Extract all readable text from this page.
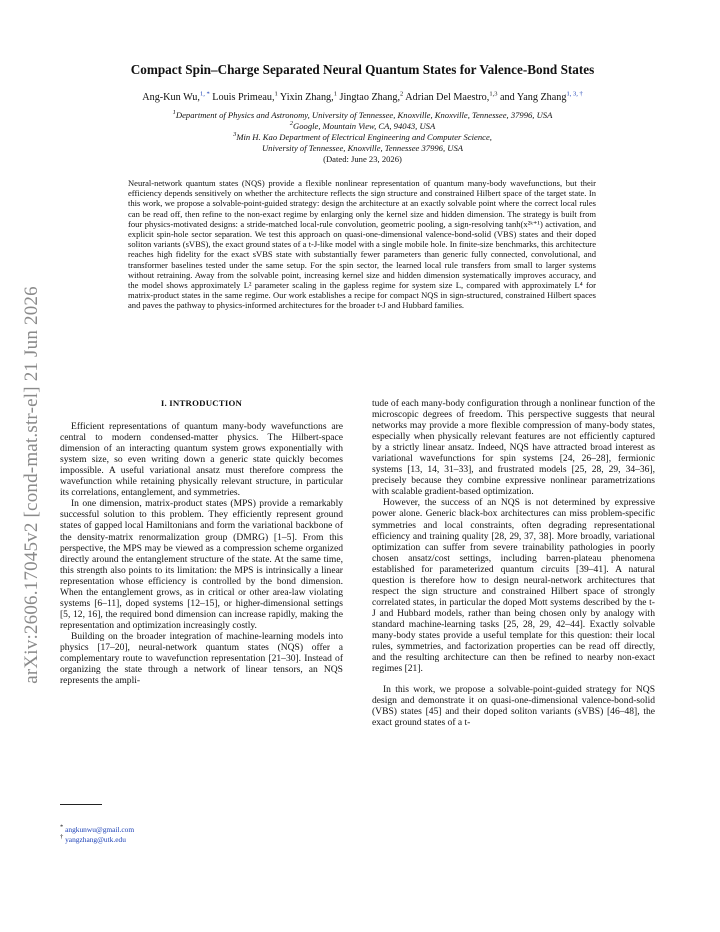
arXiv:2606.17045v2 [cond-mat.str-el] 21 Jun 2026
Compact Spin–Charge Separated Neural Quantum States for Valence-Bond States
Ang-Kun Wu,$^{1, *}$ Louis Primeau,$^1$ Yixin Zhang,$^1$ Jingtao Zhang,$^2$ Adrian Del Maestro,$^{1,3}$ and Yang Zhang$^{1, 3, \dagger}$
$^1$Department of Physics and Astronomy, University of Tennessee, Knoxville, Knoxville, Tennessee, 37996, USA
$^2$Google, Mountain View, CA, 94043, USA
$^3$Min H. Kao Department of Electrical Engineering and Computer Science,
University of Tennessee, Knoxville, Tennessee 37996, USA
(Dated: June 23, 2026)
Neural-network quantum states (NQS) provide a flexible nonlinear representation of quantum many-body wavefunctions, but their efficiency depends sensitively on whether the architecture reflects the sign structure and constrained Hilbert space of the target state. In this work, we propose a solvable-point-guided strategy: design the architecture at an exactly solvable point where the correct local rules can be read off, then refine to the non-exact regime by enlarging only the kernel size and hidden dimension. The strategy is built from four physics-motivated designs: a stride-matched local-rule convolution, geometric pooling, a sign-resolving tanh(x²ᵏ⁺¹) activation, and explicit spin-hole sector separation. We test this approach on quasi-one-dimensional valence-bond-solid (VBS) states and their doped soliton variants (sVBS), the exact ground states of a t-J-like model with a single mobile hole. In finite-size benchmarks, this architecture reaches high fidelity for the exact sVBS state with substantially fewer parameters than generic fully connected, convolutional, and transformer baselines tested under the same setup. For the spin sector, the learned local rule transfers from small to larger systems without retraining. Away from the solvable point, increasing kernel size and hidden dimension systematically improves accuracy, and the model shows approximately L² parameter scaling in the gapless regime for system size L, compared with approximately L⁴ for matrix-product states in the same regime. Our work establishes a recipe for compact NQS in sign-structured, constrained Hilbert spaces and paves the pathway to physics-informed architectures for the broader t-J and Hubbard families.
I. INTRODUCTION

Efficient representations of quantum many-body wavefunctions are central to modern condensed-matter physics. The Hilbert-space dimension of an interacting quantum system grows exponentially with system size, so even writing down a generic state quickly becomes impossible. A useful variational ansatz must therefore compress the wavefunction while retaining physically relevant structure, in particular its correlations, entanglement, and symmetries.

In one dimension, matrix-product states (MPS) provide a remarkably successful solution to this problem. They efficiently represent ground states of gapped local Hamiltonians and form the variational backbone of the density-matrix renormalization group (DMRG) [1–5]. From this perspective, the MPS may be viewed as a compression scheme organized directly around the entanglement structure of the state. At the same time, this strength also points to its limitation: the MPS is intrinsically a linear representation whose efficiency is controlled by the bond dimension. When the entanglement grows, as in critical or other area-law violating systems [6–11], doped systems [12–15], or higher-dimensional settings [5, 12, 16], the required bond dimension can increase rapidly, making the representation and optimization increasingly costly.

Building on the broader integration of machine-learning models into physics [17–20], neural-network quantum states (NQS) offer a complementary route to wavefunction representation [21–30]. Instead of organizing the state through a network of linear tensors, an NQS represents the ampli-

tude of each many-body configuration through a nonlinear function of the microscopic degrees of freedom. This perspective suggests that neural networks may provide a more flexible compression of many-body states, especially when physically relevant features are not efficiently captured by a strictly linear ansatz. Indeed, NQS have attracted broad interest as variational wavefunctions for spin systems [24, 26–28], fermionic systems [13, 14, 31–33], and frustrated models [25, 28, 29, 34–36], precisely because they combine expressive nonlinear parametrizations with scalable gradient-based optimization.

However, the success of an NQS is not determined by expressive power alone. Generic black-box architectures can miss problem-specific symmetries and local constraints, often degrading representational efficiency and training quality [28, 29, 37, 38]. More broadly, variational optimization can suffer from severe trainability pathologies in poorly chosen ansatz/cost settings, including barren-plateau phenomena established for parameterized quantum circuits [39–41]. A natural question is therefore how to design neural-network architectures that respect the sign structure and constrained Hilbert space of strongly correlated states, in particular the doped Mott systems described by the t-J and Hubbard models, rather than being chosen only by analogy with standard machine-learning tasks [25, 28, 29, 42–44]. Exactly solvable many-body states provide a useful template for this question: their local rules, symmetries, and factorization properties can be read off directly, and the resulting architecture can then be refined to nearby non-exact regimes [21].

In this work, we propose a solvable-point-guided strategy for NQS design and demonstrate it on quasi-one-dimensional valence-bond-solid (VBS) states [45] and their doped soliton variants (sVBS) [46–48], the exact ground states of a t-

* angkunwu@gmail.com
† yangzhang@utk.edu
